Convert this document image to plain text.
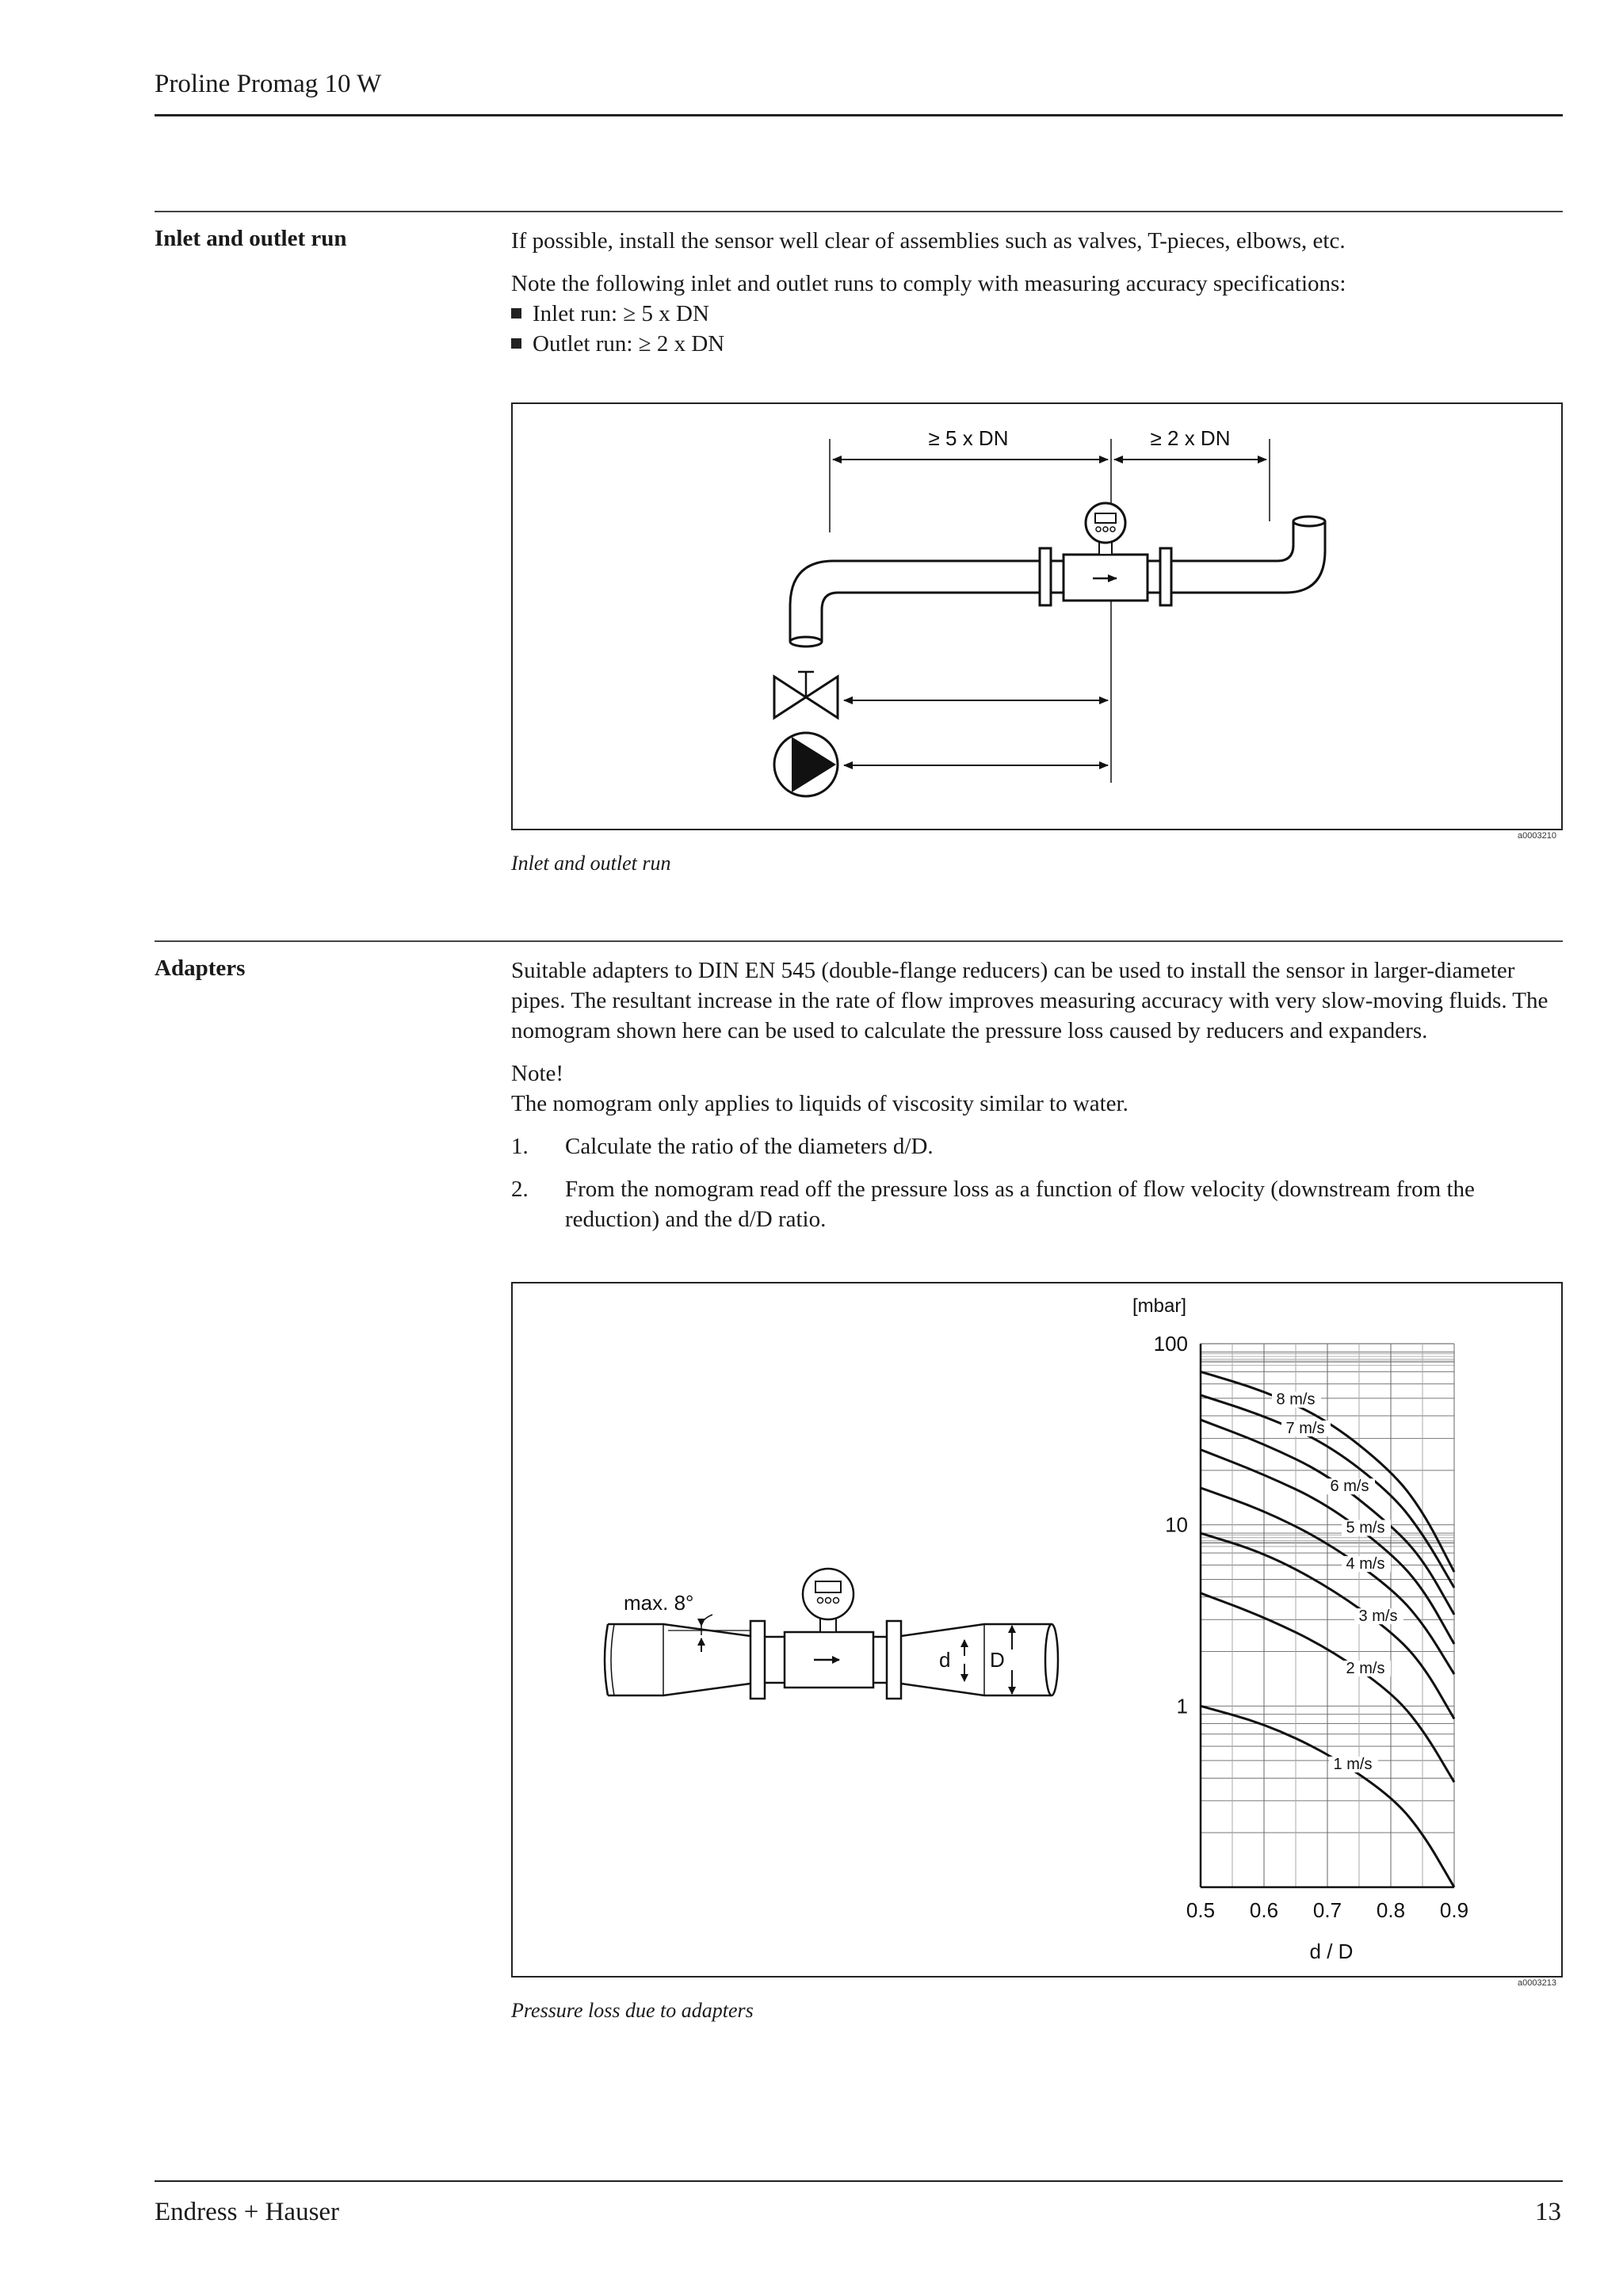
Proline Promag 10 W
Inlet and outlet run	If possible, install the sensor well clear of assemblies such as valves, T-pieces, elbows, etc.

Note the following inlet and outlet runs to comply with measuring accuracy specifications:

Inlet run: ≥ 5 x DN
Outlet run: ≥ 2 x DN
≥ 5 x DN	≥ 2 x DN
a0003210
Inlet and outlet run
Adapters	Suitable adapters to DIN EN 545 (double-flange reducers) can be used to install the sensor in larger-diameter pipes. The resultant increase in the rate of flow improves measuring accuracy with very slow-moving fluids. The nomogram shown here can be used to calculate the pressure loss caused by reducers and expanders.

Note!

The nomogram only applies to liquids of viscosity similar to water.

1.	Calculate the ratio of the diameters d/D.
2.	From the nomogram read off the pressure loss as a function of flow velocity (downstream from the reduction) and the d/D ratio.
max. 8°
d D
[mbar]
d / D
0.5 0.6 0.7 0.8 0.9
1
10
100
8 m/s
7 m/s
6 m/s
5 m/s
4 m/s
3 m/s
2 m/s
1 m/s
a0003213
Pressure loss due to adapters
Endress + Hauser	13
